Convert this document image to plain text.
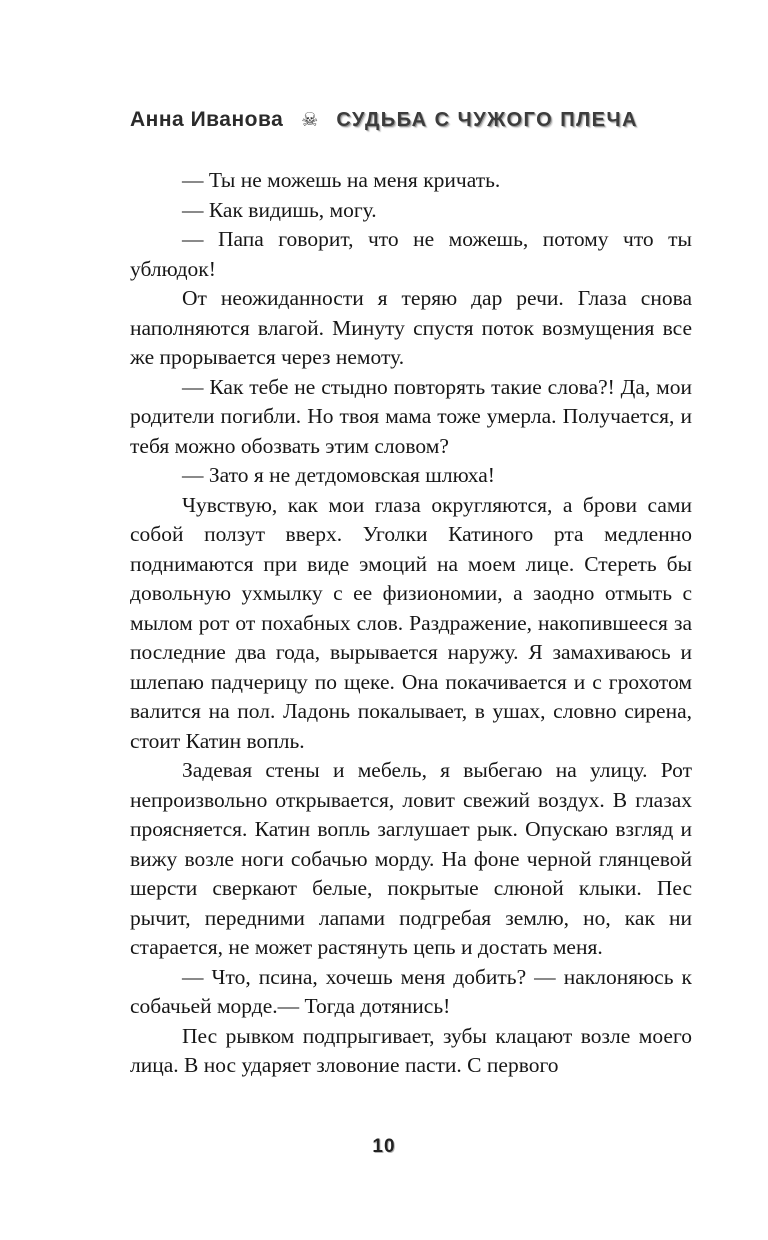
Анна Иванова ☠ СУДЬБА С ЧУЖОГО ПЛЕЧА

— Ты не можешь на меня кричать.

— Как видишь, могу.

— Папа говорит, что не можешь, потому что ты ублюдок!

От неожиданности я теряю дар речи. Глаза снова наполняются влагой. Минуту спустя поток возмущения все же прорывается через немоту.

— Как тебе не стыдно повторять такие слова?! Да, мои родители погибли. Но твоя мама тоже умерла. Получается, и тебя можно обозвать этим словом?

— Зато я не детдомовская шлюха!

Чувствую, как мои глаза округляются, а брови сами собой ползут вверх. Уголки Катиного рта медленно поднимаются при виде эмоций на моем лице. Стереть бы довольную ухмылку с ее физиономии, а заодно отмыть с мылом рот от похабных слов. Раздражение, накопившееся за последние два года, вырывается наружу. Я замахиваюсь и шлепаю падчерицу по щеке. Она покачивается и с грохотом валится на пол. Ладонь покалывает, в ушах, словно сирена, стоит Катин вопль.

Задевая стены и мебель, я выбегаю на улицу. Рот непроизвольно открывается, ловит свежий воздух. В глазах проясняется. Катин вопль заглушает рык. Опускаю взгляд и вижу возле ноги собачью морду. На фоне черной глянцевой шерсти сверкают белые, покрытые слюной клыки. Пес рычит, передними лапами подгребая землю, но, как ни старается, не может растянуть цепь и достать меня.

— Что, псина, хочешь меня добить? — наклоняюсь к собачьей морде.— Тогда дотянись!

Пес рывком подпрыгивает, зубы клацают возле моего лица. В нос ударяет зловоние пасти. С первого

10
